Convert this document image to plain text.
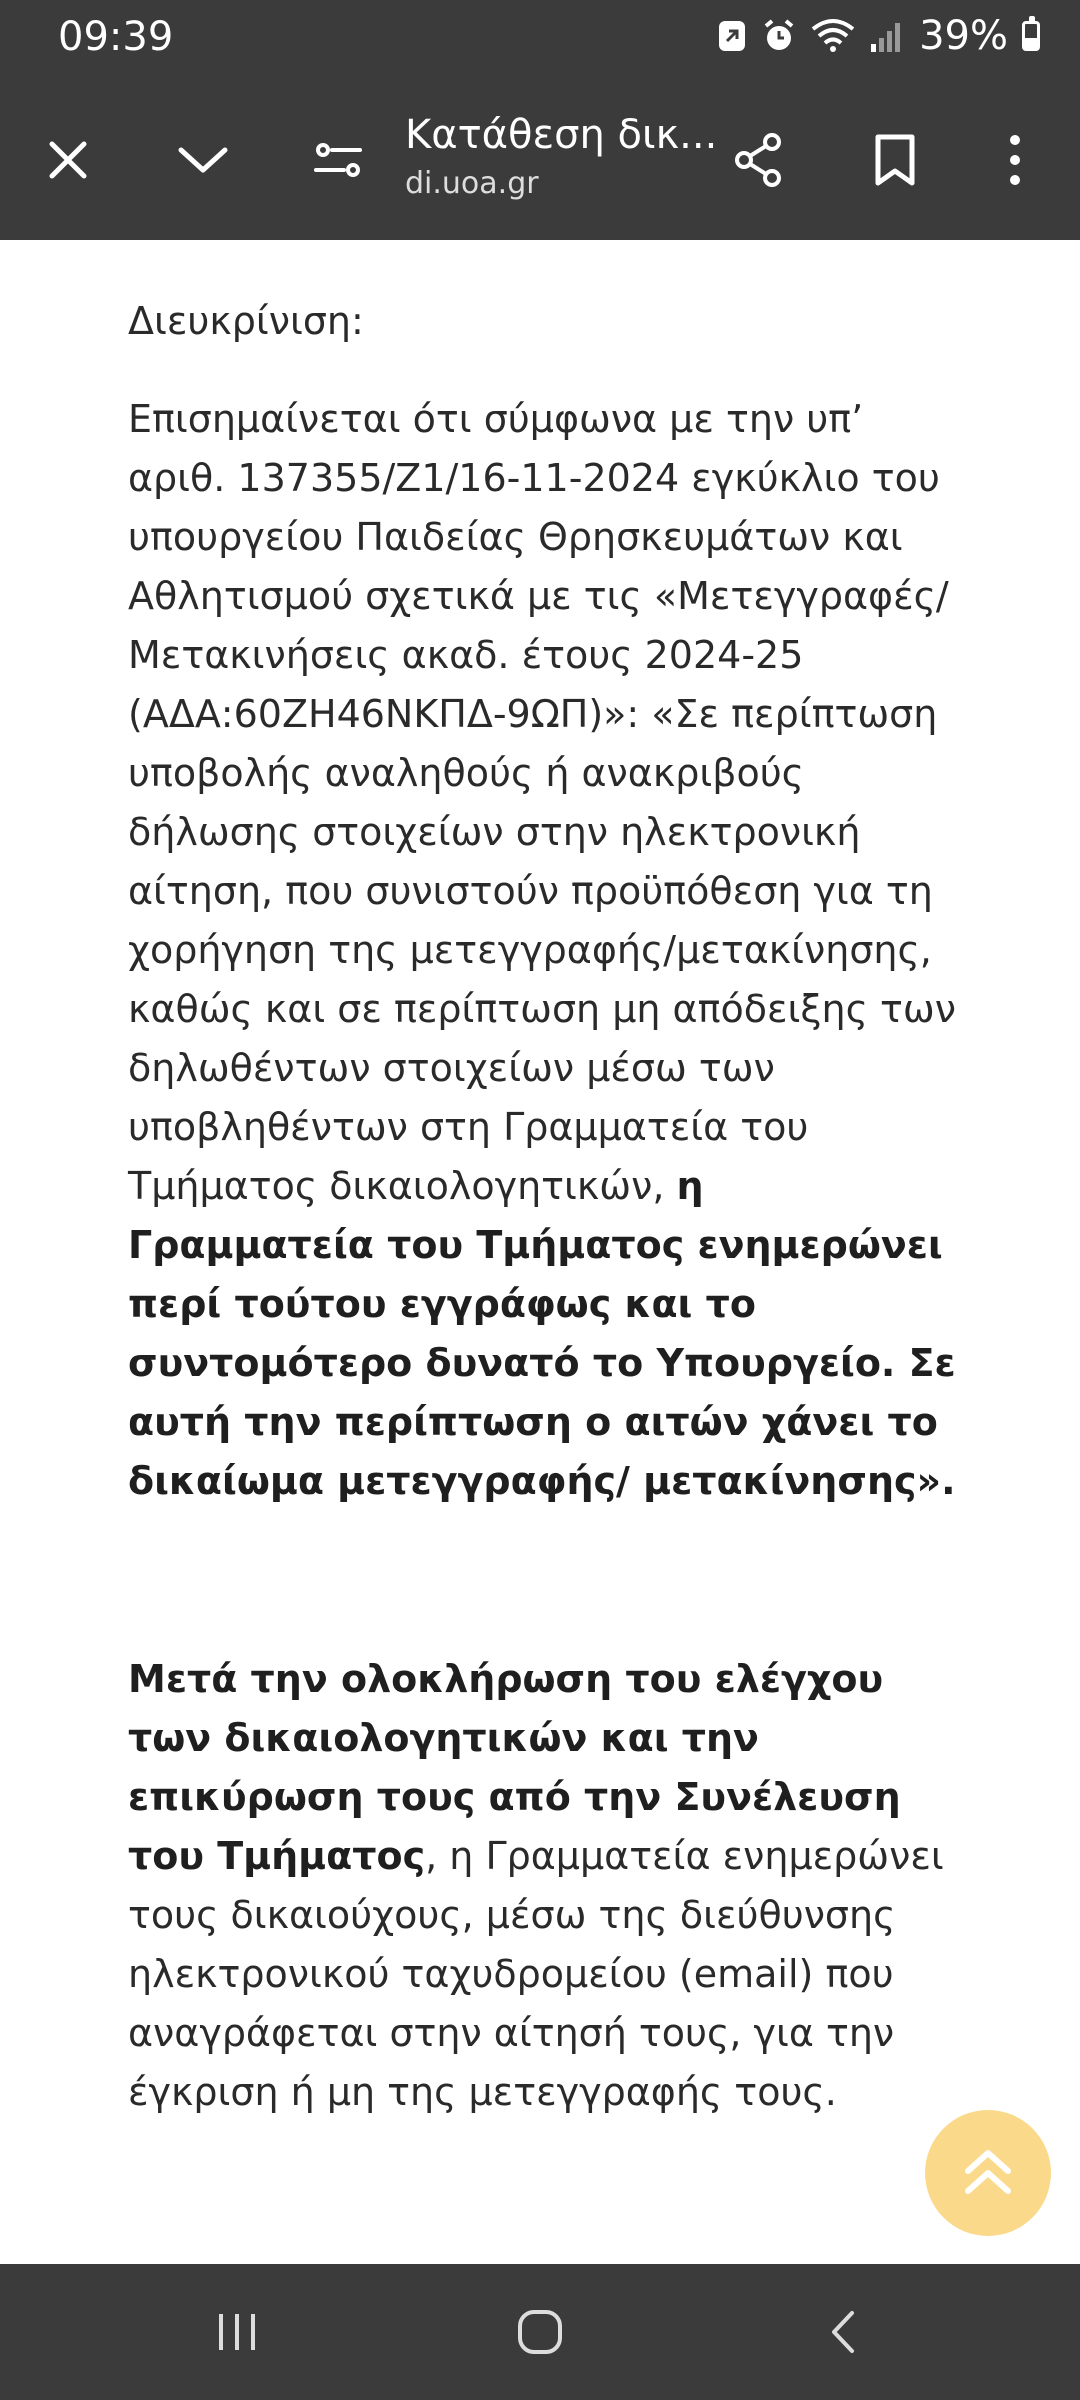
09:39	39%
Κατάθεση δικ...
di.uoa.gr
Διευκρίνιση:
Επισημαίνεται ότι σύμφωνα με την υπ’ αριθ. 137355/Ζ1/16-11-2024 εγκύκλιο του υπουργείου Παιδείας Θρησκευμάτων και Αθλητισμού σχετικά με τις «Μετεγγραφές/ Μετακινήσεις ακαδ. έτους 2024-25 (ΑΔΑ:60ΖΗ46ΝΚΠΔ-9ΩΠ)»: «Σε περίπτωση υποβολής αναληθούς ή ανακριβούς δήλωσης στοιχείων στην ηλεκτρονική αίτηση, που συνιστούν προϋπόθεση για τη χορήγηση της μετεγγραφής/μετακίνησης, καθώς και σε περίπτωση μη απόδειξης των δηλωθέντων στοιχείων μέσω των υποβληθέντων στη Γραμματεία του Τμήματος δικαιολογητικών, η Γραμματεία του Τμήματος ενημερώνει περί τούτου εγγράφως και το συντομότερο δυνατό το Υπουργείο. Σε αυτή την περίπτωση ο αιτών χάνει το δικαίωμα μετεγγραφής/ μετακίνησης».
Μετά την ολοκλήρωση του ελέγχου των δικαιολογητικών και την επικύρωση τους από την Συνέλευση του Τμήματος, η Γραμματεία ενημερώνει τους δικαιούχους, μέσω της διεύθυνσης ηλεκτρονικού ταχυδρομείου (email) που αναγράφεται στην αίτησή τους, για την έγκριση ή μη της μετεγγραφής τους.
